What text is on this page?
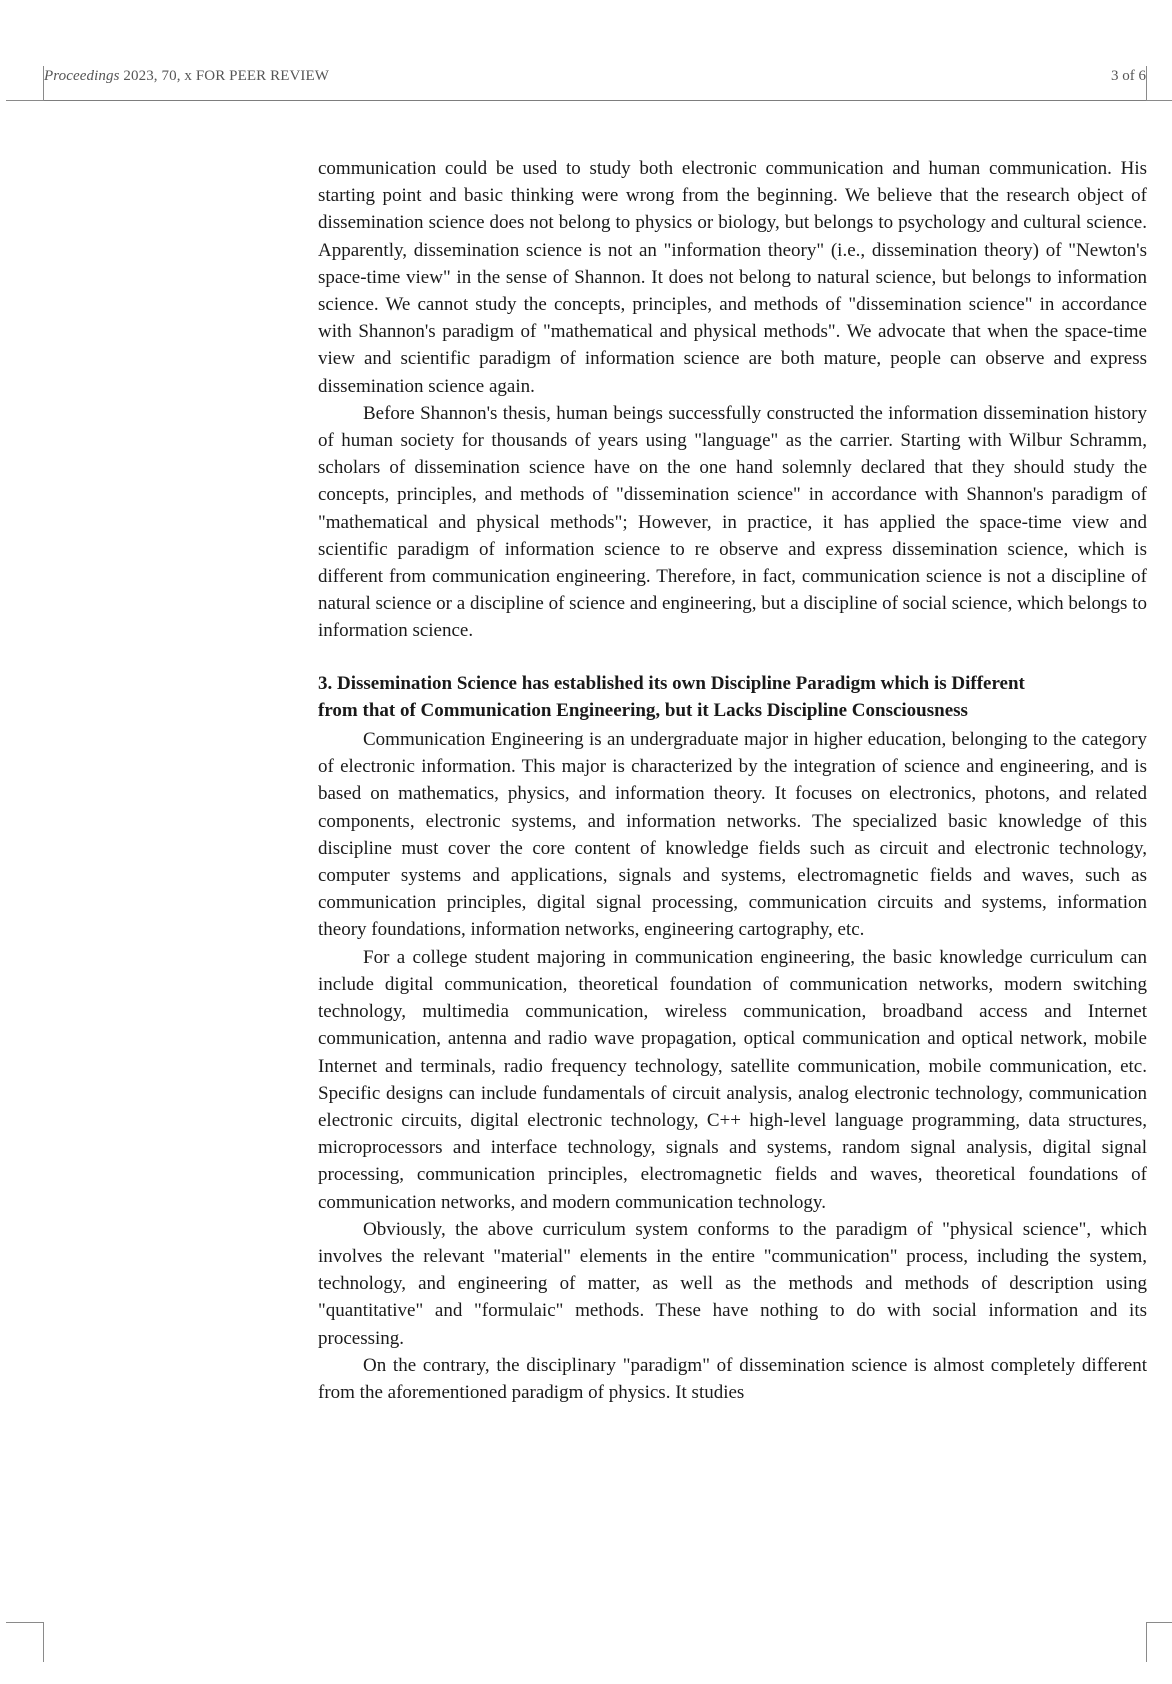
Proceedings 2023, 70, x FOR PEER REVIEW	3 of 6

communication could be used to study both electronic communication and human communication. His starting point and basic thinking were wrong from the beginning. We believe that the research object of dissemination science does not belong to physics or biology, but belongs to psychology and cultural science. Apparently, dissemination science is not an "information theory" (i.e., dissemination theory) of "Newton's space-time view" in the sense of Shannon. It does not belong to natural science, but belongs to information science. We cannot study the concepts, principles, and methods of "dissemination science" in accordance with Shannon's paradigm of "mathematical and physical methods". We advocate that when the space-time view and scientific paradigm of information science are both mature, people can observe and express dissemination science again.

Before Shannon's thesis, human beings successfully constructed the information dissemination history of human society for thousands of years using "language" as the carrier. Starting with Wilbur Schramm, scholars of dissemination science have on the one hand solemnly declared that they should study the concepts, principles, and methods of "dissemination science" in accordance with Shannon's paradigm of "mathematical and physical methods"; However, in practice, it has applied the space-time view and scientific paradigm of information science to re observe and express dissemination science, which is different from communication engineering. Therefore, in fact, communication science is not a discipline of natural science or a discipline of science and engineering, but a discipline of social science, which belongs to information science.

3. Dissemination Science has established its own Discipline Paradigm which is Different from that of Communication Engineering, but it Lacks Discipline Consciousness

Communication Engineering is an undergraduate major in higher education, belonging to the category of electronic information. This major is characterized by the integration of science and engineering, and is based on mathematics, physics, and information theory. It focuses on electronics, photons, and related components, electronic systems, and information networks. The specialized basic knowledge of this discipline must cover the core content of knowledge fields such as circuit and electronic technology, computer systems and applications, signals and systems, electromagnetic fields and waves, such as communication principles, digital signal processing, communication circuits and systems, information theory foundations, information networks, engineering cartography, etc.

For a college student majoring in communication engineering, the basic knowledge curriculum can include digital communication, theoretical foundation of communication networks, modern switching technology, multimedia communication, wireless communication, broadband access and Internet communication, antenna and radio wave propagation, optical communication and optical network, mobile Internet and terminals, radio frequency technology, satellite communication, mobile communication, etc. Specific designs can include fundamentals of circuit analysis, analog electronic technology, communication electronic circuits, digital electronic technology, C++ high-level language programming, data structures, microprocessors and interface technology, signals and systems, random signal analysis, digital signal processing, communication principles, electromagnetic fields and waves, theoretical foundations of communication networks, and modern communication technology.

Obviously, the above curriculum system conforms to the paradigm of "physical science", which involves the relevant "material" elements in the entire "communication" process, including the system, technology, and engineering of matter, as well as the methods and methods of description using "quantitative" and "formulaic" methods. These have nothing to do with social information and its processing.

On the contrary, the disciplinary "paradigm" of dissemination science is almost completely different from the aforementioned paradigm of physics. It studies
